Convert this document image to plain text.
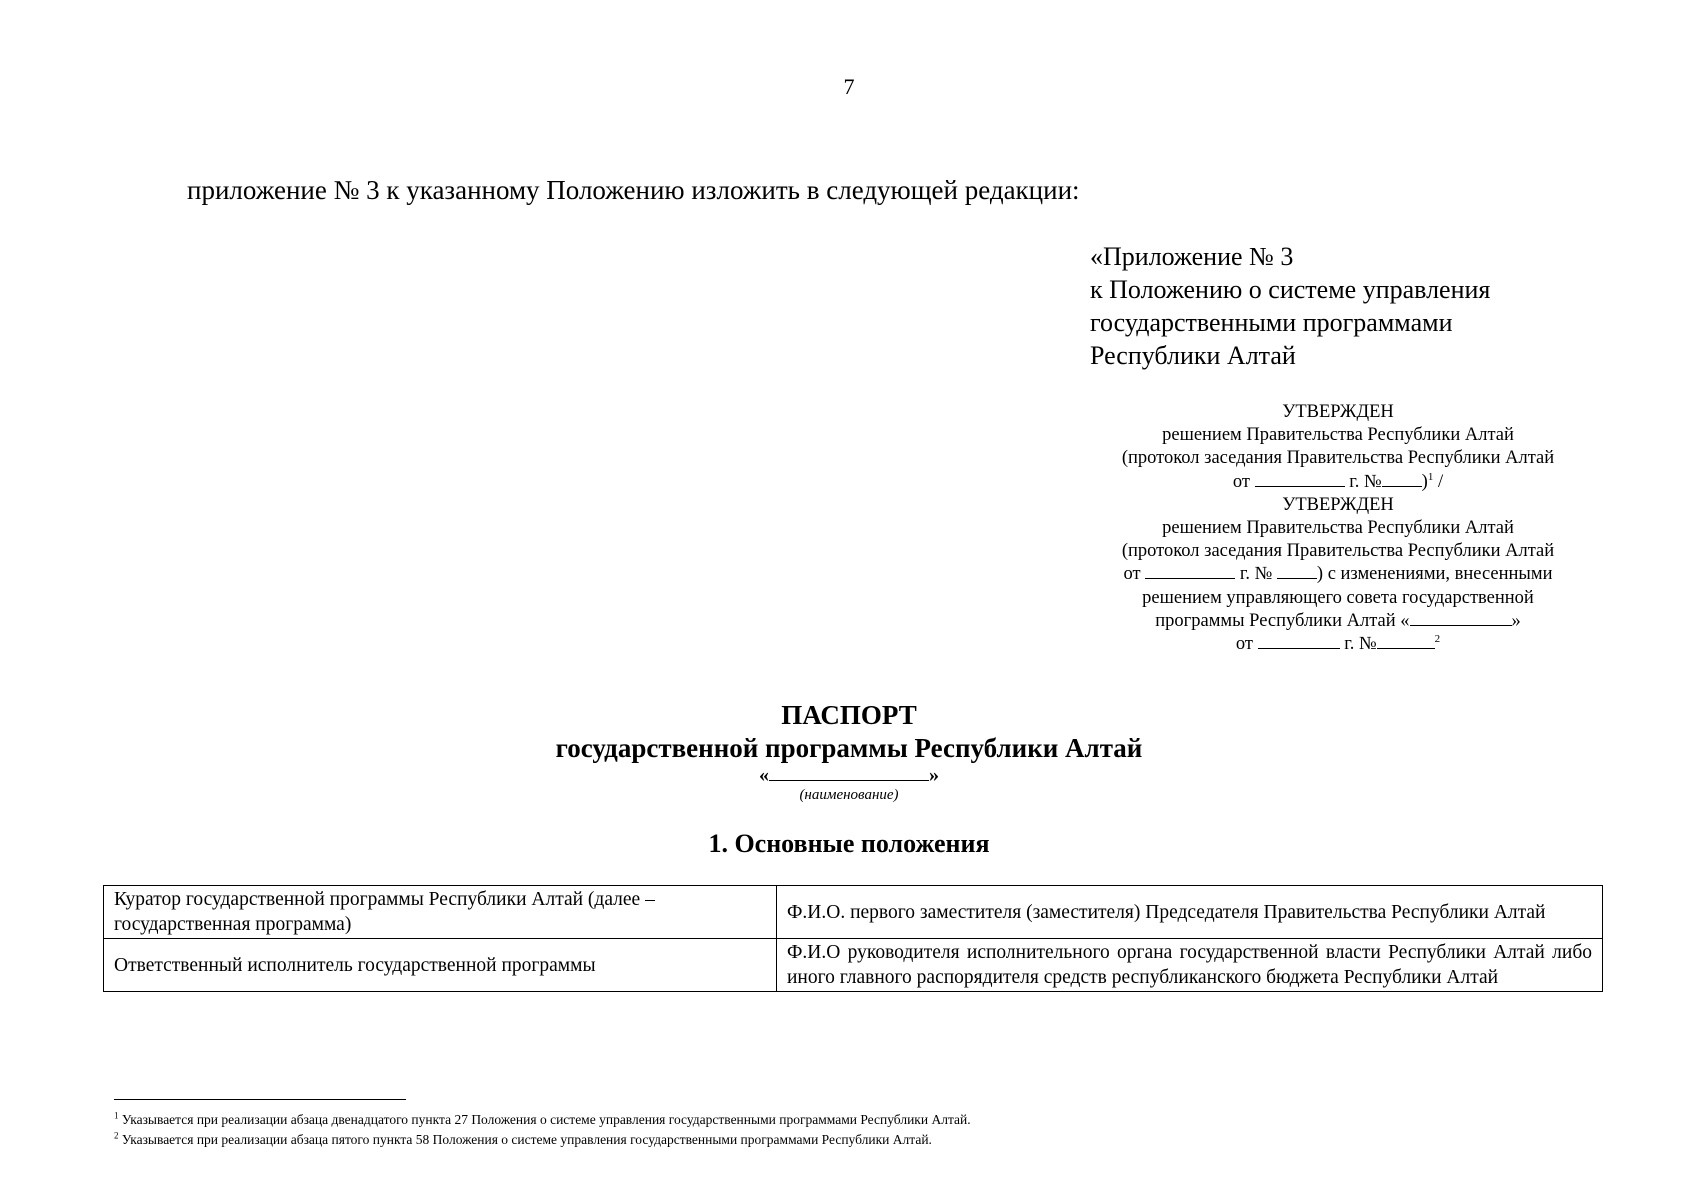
7
приложение № 3 к указанному Положению изложить в следующей редакции:
«Приложение № 3
к Положению о системе управления
государственными программами
Республики Алтай
УТВЕРЖДЕН
решением Правительства Республики Алтай
(протокол заседания Правительства Республики Алтай
от	г. № )$^1$ /
УТВЕРЖДЕН
решением Правительства Республики Алтай
(протокол заседания Правительства Республики Алтай
от	г. № ) с изменениями, внесенными
решением управляющего совета государственной
программы Республики Алтай «	»
от	г. №	$^2$
ПАСПОРТ
государственной программы Республики Алтай
«	»
(наименование)
1. Основные положения
Куратор государственной программы Республики Алтай (далее – государственная программа)	Ф.И.О. первого заместителя (заместителя) Председателя Правительства Республики Алтай
Ответственный исполнитель государственной программы	Ф.И.О руководителя исполнительного органа государственной власти Республики Алтай либо иного главного распорядителя средств республиканского бюджета Республики Алтай
$^1$ Указывается при реализации абзаца двенадцатого пункта 27 Положения о системе управления государственными программами Республики Алтай.
$^2$ Указывается при реализации абзаца пятого пункта 58 Положения о системе управления государственными программами Республики Алтай.
